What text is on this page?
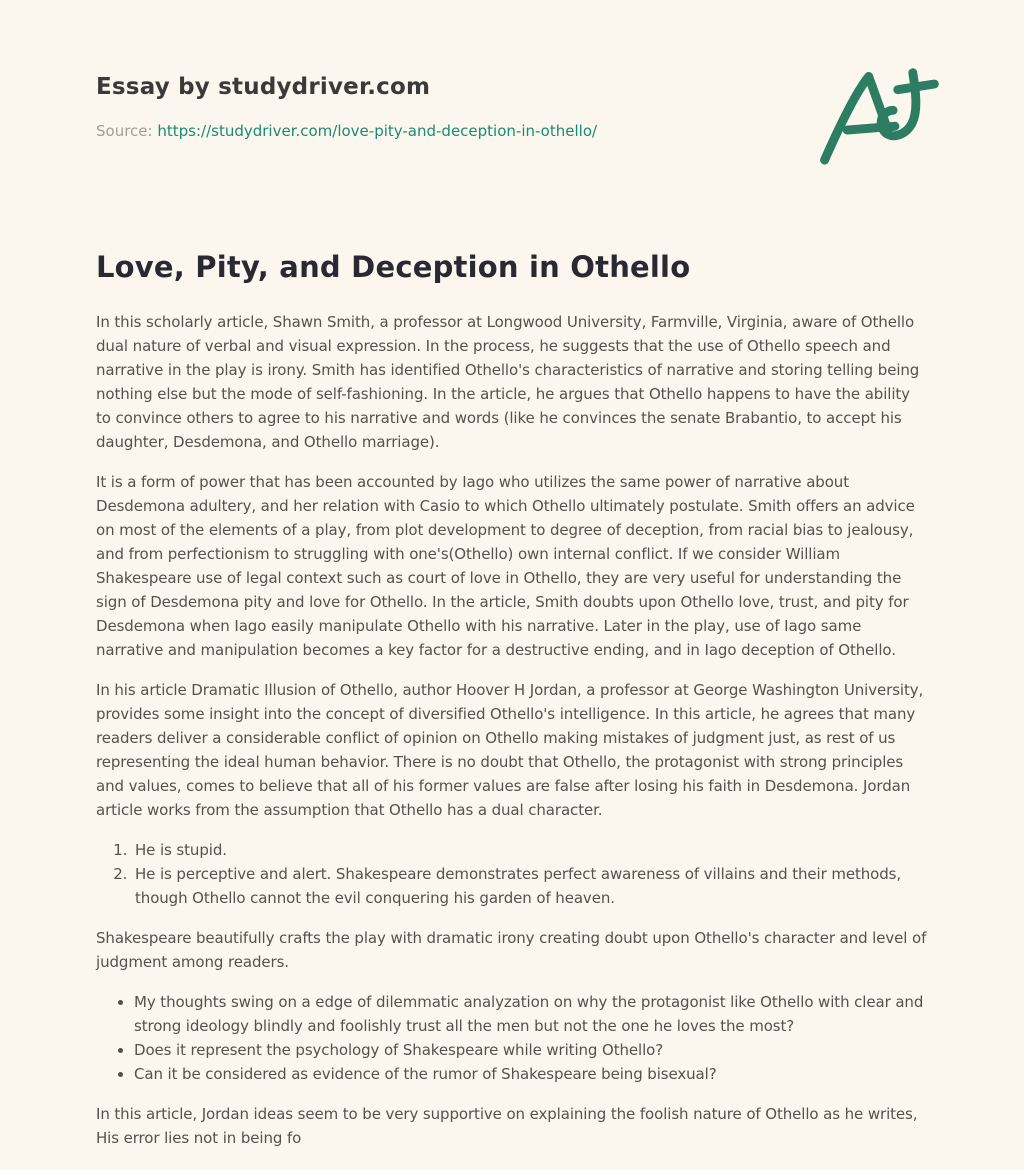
Essay by studydriver.com

Source: https://studydriver.com/love-pity-and-deception-in-othello/

Love, Pity, and Deception in Othello

In this scholarly article, Shawn Smith, a professor at Longwood University, Farmville, Virginia, aware of Othello dual nature of verbal and visual expression. In the process, he suggests that the use of Othello speech and narrative in the play is irony. Smith has identified Othello's characteristics of narrative and storing telling being nothing else but the mode of self-fashioning. In the article, he argues that Othello happens to have the ability to convince others to agree to his narrative and words (like he convinces the senate Brabantio, to accept his daughter, Desdemona, and Othello marriage).

It is a form of power that has been accounted by Iago who utilizes the same power of narrative about Desdemona adultery, and her relation with Casio to which Othello ultimately postulate. Smith offers an advice on most of the elements of a play, from plot development to degree of deception, from racial bias to jealousy, and from perfectionism to struggling with one's(Othello) own internal conflict. If we consider William Shakespeare use of legal context such as court of love in Othello, they are very useful for understanding the sign of Desdemona pity and love for Othello. In the article, Smith doubts upon Othello love, trust, and pity for Desdemona when Iago easily manipulate Othello with his narrative. Later in the play, use of Iago same narrative and manipulation becomes a key factor for a destructive ending, and in Iago deception of Othello.

In his article Dramatic Illusion of Othello, author Hoover H Jordan, a professor at George Washington University, provides some insight into the concept of diversified Othello's intelligence. In this article, he agrees that many readers deliver a considerable conflict of opinion on Othello making mistakes of judgment just, as rest of us representing the ideal human behavior. There is no doubt that Othello, the protagonist with strong principles and values, comes to believe that all of his former values are false after losing his faith in Desdemona. Jordan article works from the assumption that Othello has a dual character.

1. He is stupid.
2. He is perceptive and alert. Shakespeare demonstrates perfect awareness of villains and their methods, though Othello cannot the evil conquering his garden of heaven.

Shakespeare beautifully crafts the play with dramatic irony creating doubt upon Othello's character and level of judgment among readers.

My thoughts swing on a edge of dilemmatic analyzation on why the protagonist like Othello with clear and strong ideology blindly and foolishly trust all the men but not the one he loves the most?
Does it represent the psychology of Shakespeare while writing Othello?
Can it be considered as evidence of the rumor of Shakespeare being bisexual?

In this article, Jordan ideas seem to be very supportive on explaining the foolish nature of Othello as he writes, His error lies not in being fo
